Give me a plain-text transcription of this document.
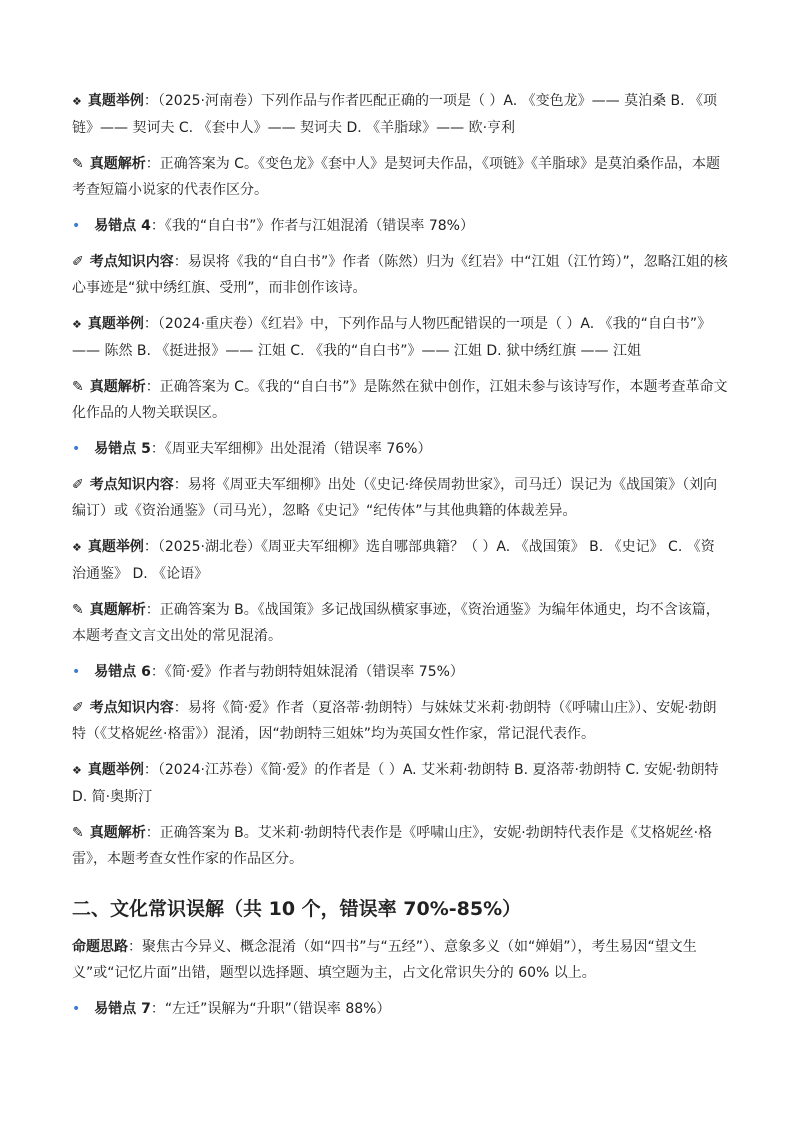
❖ 真题举例：（2025·河南卷）下列作品与作者匹配正确的一项是（ ）A. 《变色龙》—— 莫泊桑 B. 《项链》—— 契诃夫 C. 《套中人》—— 契诃夫 D. 《羊脂球》—— 欧·亨利

✎ 真题解析：正确答案为 C。《变色龙》《套中人》是契诃夫作品，《项链》《羊脂球》是莫泊桑作品，本题考查短篇小说家的代表作区分。

• 易错点 4：《我的“自白书”》作者与江姐混淆（错误率 78%）

✐ 考点知识内容：易误将《我的“自白书”》作者（陈然）归为《红岩》中“江姐（江竹筠）”，忽略江姐的核心事迹是“狱中绣红旗、受刑”，而非创作该诗。

❖ 真题举例：（2024·重庆卷）《红岩》中，下列作品与人物匹配错误的一项是（ ）A. 《我的“自白书”》—— 陈然 B. 《挺进报》—— 江姐 C. 《我的“自白书”》—— 江姐 D. 狱中绣红旗 —— 江姐

✎ 真题解析：正确答案为 C。《我的“自白书”》是陈然在狱中创作，江姐未参与该诗写作，本题考查革命文化作品的人物关联误区。

• 易错点 5：《周亚夫军细柳》出处混淆（错误率 76%）

✐ 考点知识内容：易将《周亚夫军细柳》出处（《史记·绛侯周勃世家》，司马迁）误记为《战国策》（刘向编订）或《资治通鉴》（司马光），忽略《史记》“纪传体”与其他典籍的体裁差异。

❖ 真题举例：（2025·湖北卷）《周亚夫军细柳》选自哪部典籍？（ ）A. 《战国策》 B. 《史记》 C. 《资治通鉴》 D. 《论语》

✎ 真题解析：正确答案为 B。《战国策》多记战国纵横家事迹，《资治通鉴》为编年体通史，均不含该篇，本题考查文言文出处的常见混淆。

• 易错点 6：《简·爱》作者与勃朗特姐妹混淆（错误率 75%）

✐ 考点知识内容：易将《简·爱》作者（夏洛蒂·勃朗特）与妹妹艾米莉·勃朗特（《呼啸山庄》）、安妮·勃朗特（《艾格妮丝·格雷》）混淆，因“勃朗特三姐妹”均为英国女性作家，常记混代表作。

❖ 真题举例：（2024·江苏卷）《简·爱》的作者是（ ）A. 艾米莉·勃朗特 B. 夏洛蒂·勃朗特 C. 安妮·勃朗特 D. 简·奥斯汀

✎ 真题解析：正确答案为 B。艾米莉·勃朗特代表作是《呼啸山庄》，安妮·勃朗特代表作是《艾格妮丝·格雷》，本题考查女性作家的作品区分。

二、文化常识误解（共 10 个，错误率 70%-85%）

命题思路：聚焦古今异义、概念混淆（如“四书”与“五经”）、意象多义（如“婵娟”），考生易因“望文生义”或“记忆片面”出错，题型以选择题、填空题为主，占文化常识失分的 60% 以上。

• 易错点 7：“左迁”误解为“升职”（错误率 88%）
